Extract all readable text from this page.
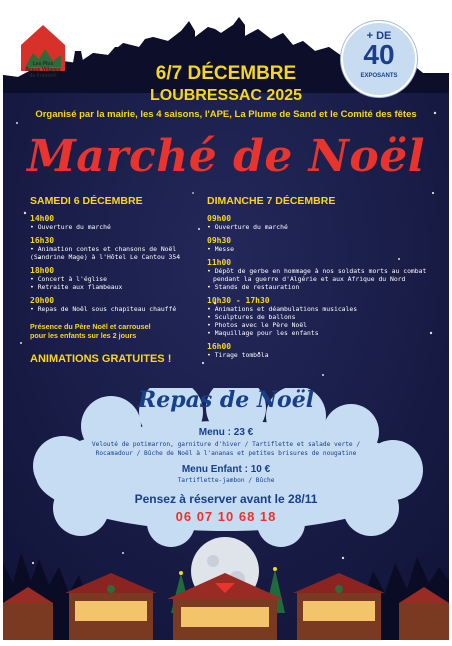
Les Plus
Beaux Villages
de France®
+ DE
40
EXPOSANTS
6/7 DÉCEMBRE
LOUBRESSAC 2025
Organisé par la mairie, les 4 saisons, l'APE, La Plume de Sand et le Comité des fêtes
Marché de Noël
SAMEDI 6 DÉCEMBRE
14h00
• Ouverture du marché
16h30
• Animation contes et chansons de Noël
(Sandrine Mage) à l'Hôtel Le Cantou 354
18h00
• Concert à l'église
• Retraite aux flambeaux
20h00
• Repas de Noël sous chapiteau chauffé
Présence du Père Noël et carrousel
pour les enfants sur les 2 jours
ANIMATIONS GRATUITES !
DIMANCHE 7 DÉCEMBRE
09h00
• Ouverture du marché
09h30
• Messe
11h00
• Dépôt de gerbe en hommage à nos soldats morts au combat
pendant la guerre d'Algérie et aux Afrique du Nord
• Stands de restauration
10h30 - 17h30
• Animations et déambulations musicales
• Sculptures de ballons
• Photos avec le Père Noël
• Maquillage pour les enfants
16h00
• Tirage tombola
Repas de Noël
Menu : 23 €
Velouté de potimarron, garniture d'hiver / Tartiflette et salade verte /
Rocamadour / Bûche de Noël à l'ananas et petites brisures de nougatine
Menu Enfant : 10 €
Tartiflette-jambon / Bûche
Pensez à réserver avant le 28/11
06 07 10 68 18
